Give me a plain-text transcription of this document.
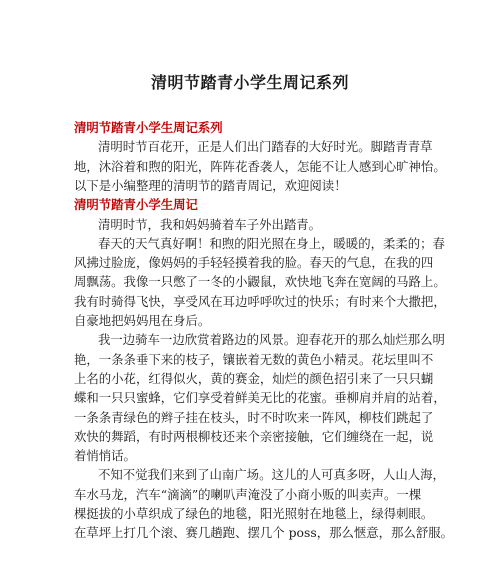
清明节踏青小学生周记系列
清明节踏青小学生周记系列
清明时节百花开，正是人们出门踏春的大好时光。脚踏青青草
地，沐浴着和煦的阳光，阵阵花香袭人，怎能不让人感到心旷神怡。
以下是小编整理的清明节的踏青周记，欢迎阅读！
清明节踏青小学生周记
清明时节，我和妈妈骑着车子外出踏青。
春天的天气真好啊！和煦的阳光照在身上，暖暖的，柔柔的；春
风拂过脸庞，像妈妈的手轻轻摸着我的脸。春天的气息，在我的四
周飘荡。我像一只憋了一冬的小鼹鼠，欢快地飞奔在宽阔的马路上。
我有时骑得飞快，享受风在耳边呼呼吹过的快乐；有时来个大撒把，
自豪地把妈妈甩在身后。
我一边骑车一边欣赏着路边的风景。迎春花开的那么灿烂那么明
艳，一条条垂下来的枝子，镶嵌着无数的黄色小精灵。花坛里叫不
上名的小花，红得似火，黄的赛金，灿烂的颜色招引来了一只只蝴
蝶和一只只蜜蜂，它们享受着鲜美无比的花蜜。垂柳肩并肩的站着，
一条条青绿色的辫子挂在枝头，时不时吹来一阵风，柳枝们跳起了
欢快的舞蹈，有时两根柳枝还来个亲密接触，它们缠绕在一起，说
着悄悄话。
不知不觉我们来到了山南广场。这儿的人可真多呀，人山人海，
车水马龙，汽车“滴滴”的喇叭声淹没了小商小贩的叫卖声。一棵
棵挺拔的小草织成了绿色的地毯，阳光照射在地毯上，绿得刺眼。
在草坪上打几个滚、赛几趟跑、摆几个 poss，那么惬意，那么舒服。
